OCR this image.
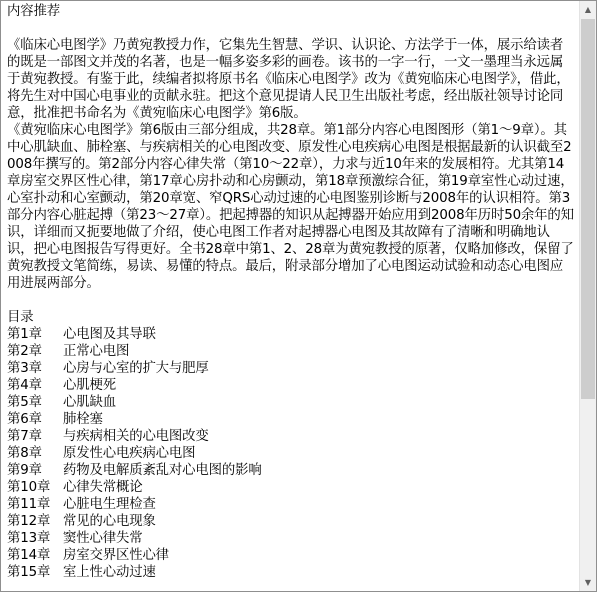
内容推荐

《临床心电图学》乃黄宛教授力作，它集先生智慧、学识、认识论、方法学于一体，展示给读者的既是一部图文并茂的名著，也是一幅多姿多彩的画卷。该书的一字一行，一文一墨理当永远属于黄宛教授。有鉴于此，续编者拟将原书名《临床心电图学》改为《黄宛临床心电图学》，借此，将先生对中国心电事业的贡献永驻。把这个意见提请人民卫生出版社考虑，经出版社领导讨论同意，批准把书命名为《黄宛临床心电图学》第6版。

《黄宛临床心电图学》第6版由三部分组成，共28章。第1部分内容心电图图形（第1～9章）。其中心肌缺血、肺栓塞、与疾病相关的心电图改变、原发性心电疾病心电图是根据最新的认识截至2008年撰写的。第2部分内容心律失常（第10～22章），力求与近10年来的发展相符。尤其第14章房室交界区性心律，第17章心房扑动和心房颤动，第18章预激综合征，第19章室性心动过速，心室扑动和心室颤动，第20章宽、窄QRS心动过速的心电图鉴别诊断与2008年的认识相符。第3部分内容心脏起搏（第23～27章）。把起搏器的知识从起搏器开始应用到2008年历时50余年的知识，详细而又扼要地做了介绍，使心电图工作者对起搏器心电图及其故障有了清晰和明确地认识，把心电图报告写得更好。全书28章中第1、2、28章为黄宛教授的原著，仅略加修改，保留了黄宛教授文笔简练，易读、易懂的特点。最后，附录部分增加了心电图运动试验和动态心电图应用进展两部分。

目录
第1章 心电图及其导联
第2章 正常心电图
第3章 心房与心室的扩大与肥厚
第4章 心肌梗死
第5章 心肌缺血
第6章 肺栓塞
第7章 与疾病相关的心电图改变
第8章 原发性心电疾病心电图
第9章 药物及电解质紊乱对心电图的影响
第10章 心律失常概论
第11章 心脏电生理检查
第12章 常见的心电现象
第13章 窦性心律失常
第14章 房室交界区性心律
第15章 室上性心动过速
▲
▼
